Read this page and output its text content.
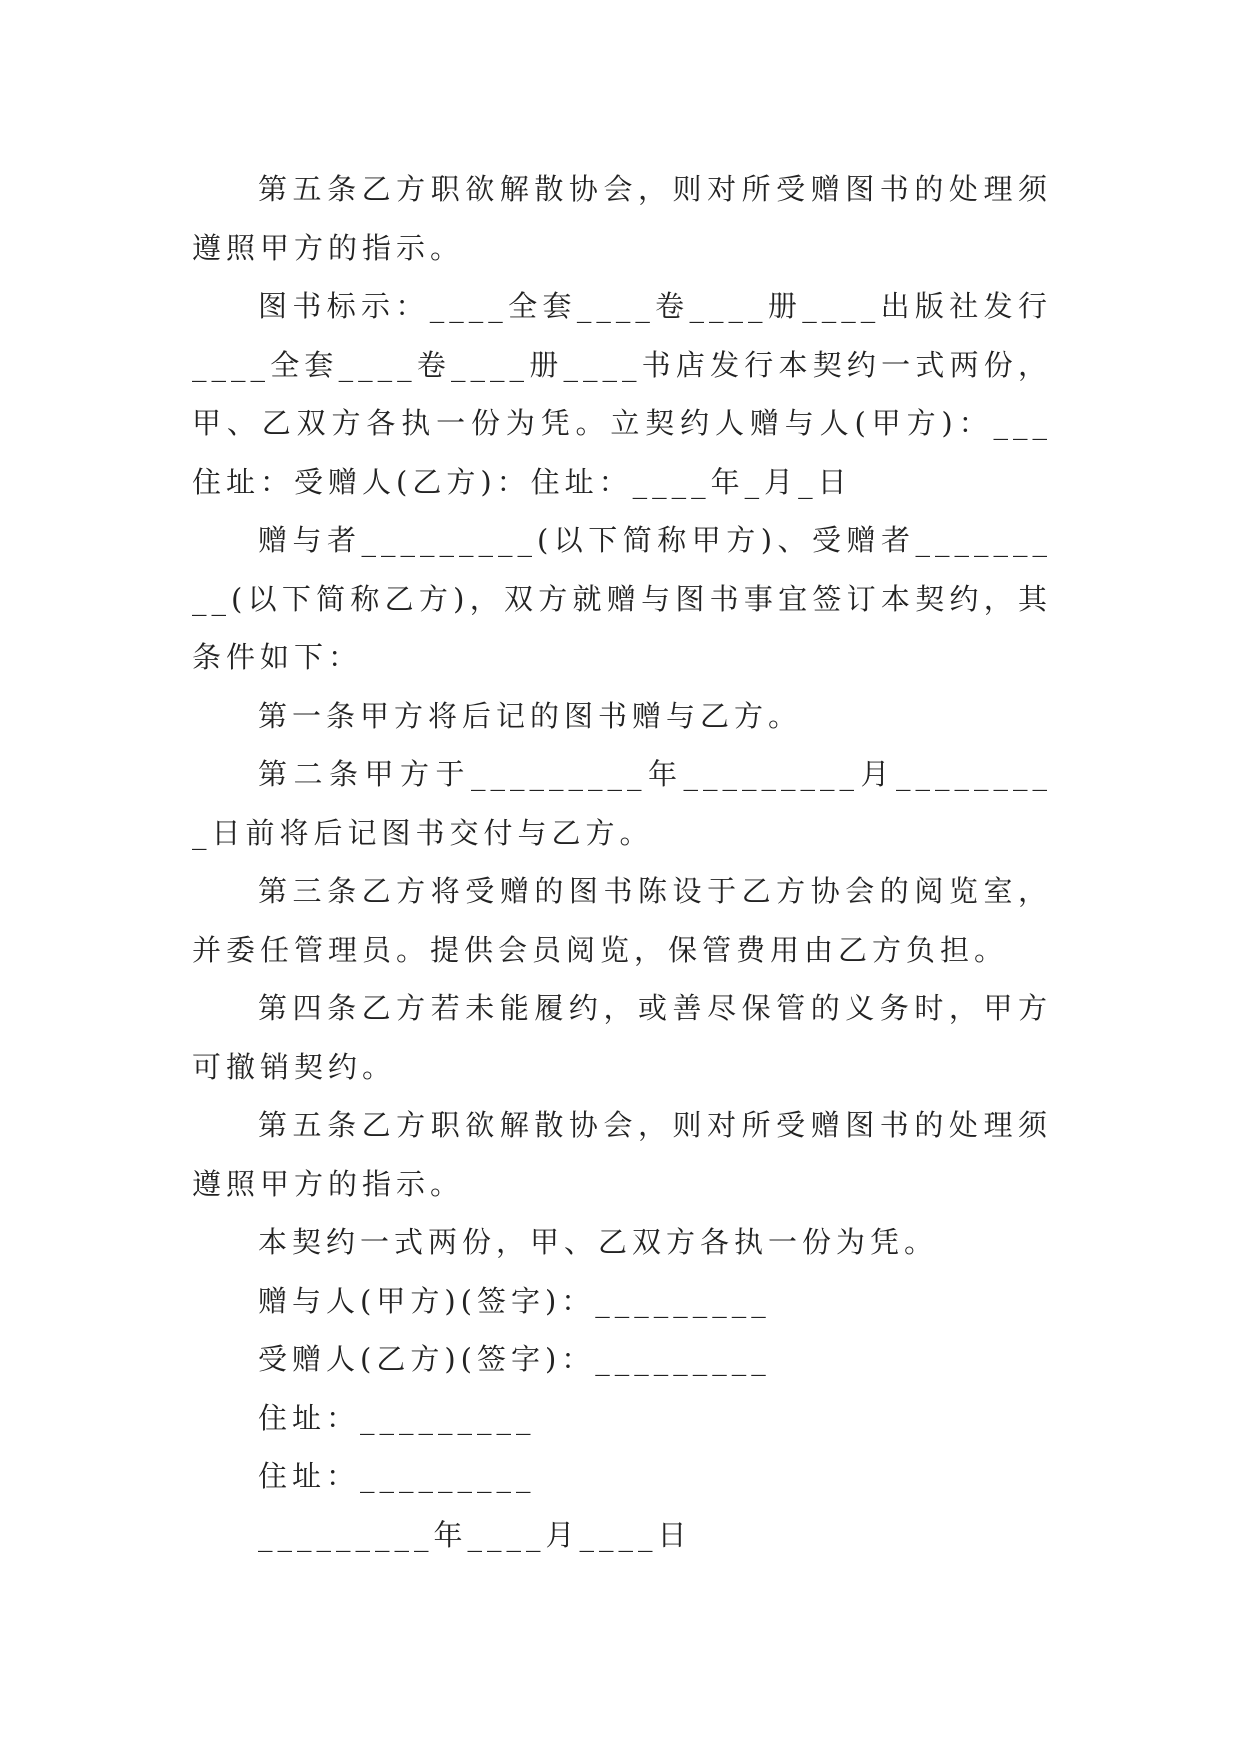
第五条乙方职欲解散协会，则对所受赠图书的处理须遵照甲方的指示。

图书标示：____全套____卷____册____出版社发行____全套____卷____册____书店发行本契约一式两份，甲、乙双方各执一份为凭。立契约人赠与人(甲方)：___住址：受赠人(乙方)：住址：____年_月_日

赠与者_________(以下简称甲方)、受赠者_________(以下简称乙方)，双方就赠与图书事宜签订本契约，其条件如下：

第一条甲方将后记的图书赠与乙方。

第二条甲方于_________年_________月_________日前将后记图书交付与乙方。

第三条乙方将受赠的图书陈设于乙方协会的阅览室，并委任管理员。提供会员阅览，保管费用由乙方负担。

第四条乙方若未能履约，或善尽保管的义务时，甲方可撤销契约。

第五条乙方职欲解散协会，则对所受赠图书的处理须遵照甲方的指示。

本契约一式两份，甲、乙双方各执一份为凭。

赠与人(甲方)(签字)：_________

受赠人(乙方)(签字)：_________

住址：_________

住址：_________

_________年____月____日
